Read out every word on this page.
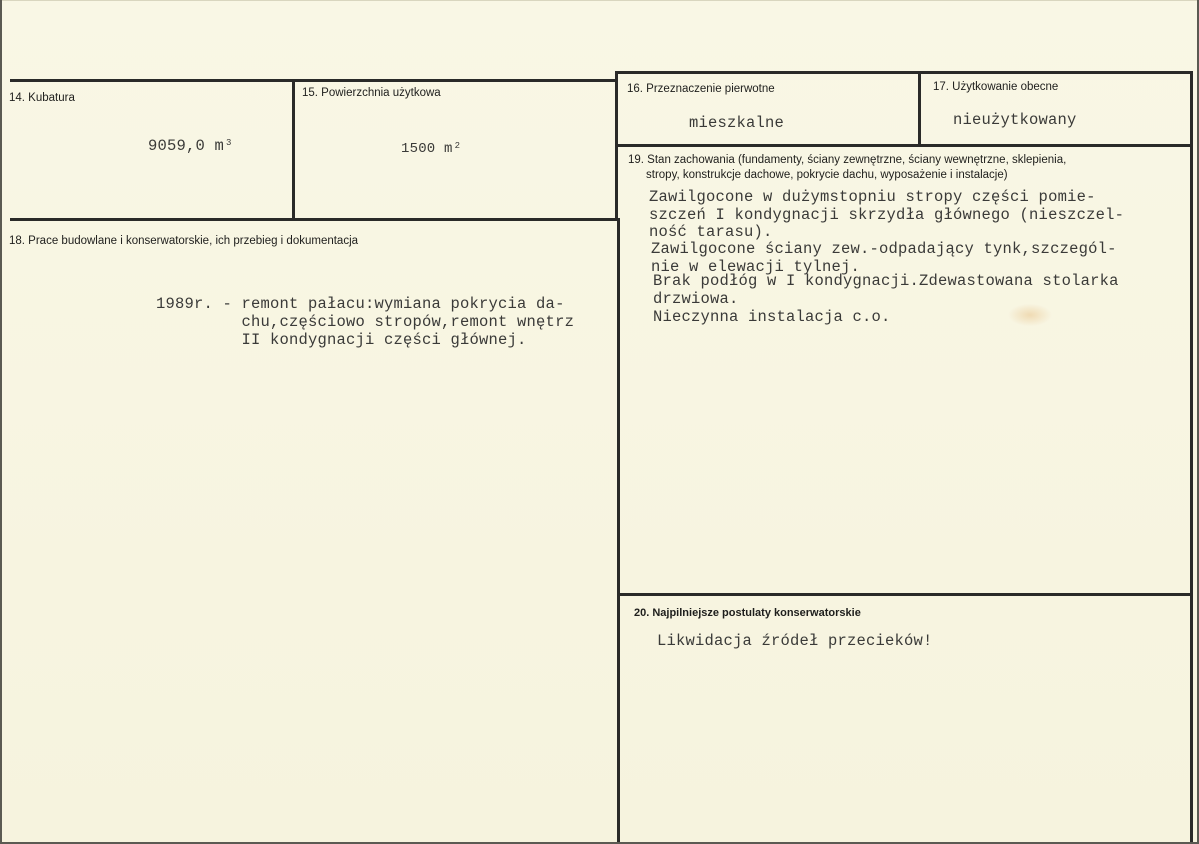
14. Kubatura
9059,0 m $^3$
15. Powierzchnia użytkowa
1500 m $^2$
16. Przeznaczenie pierwotne
mieszkalne
17. Użytkowanie obecne
nieużytkowany
18. Prace budowlane i konserwatorskie, ich przebieg i dokumentacja
1989r. - remont pałacu:wymiana pokrycia da-
chu,częściowo stropów,remont wnętrz
II kondygnacji części głównej.
19. Stan zachowania (fundamenty, ściany zewnętrzne, ściany wewnętrzne, sklepienia,
stropy, konstrukcje dachowe, pokrycie dachu, wyposażenie i instalacje)
Zawilgocone w dużymstopniu stropy części pomie-
szczeń I kondygnacji skrzydła głównego (nieszczel-
ność tarasu).
Zawilgocone ściany zew.-odpadający tynk,szczegól-
nie w elewacji tylnej.
Brak podłóg w I kondygnacji.Zdewastowana stolarka
drzwiowa.
Nieczynna instalacja c.o.
20. Najpilniejsze postulaty konserwatorskie
Likwidacja źródeł przecieków!
